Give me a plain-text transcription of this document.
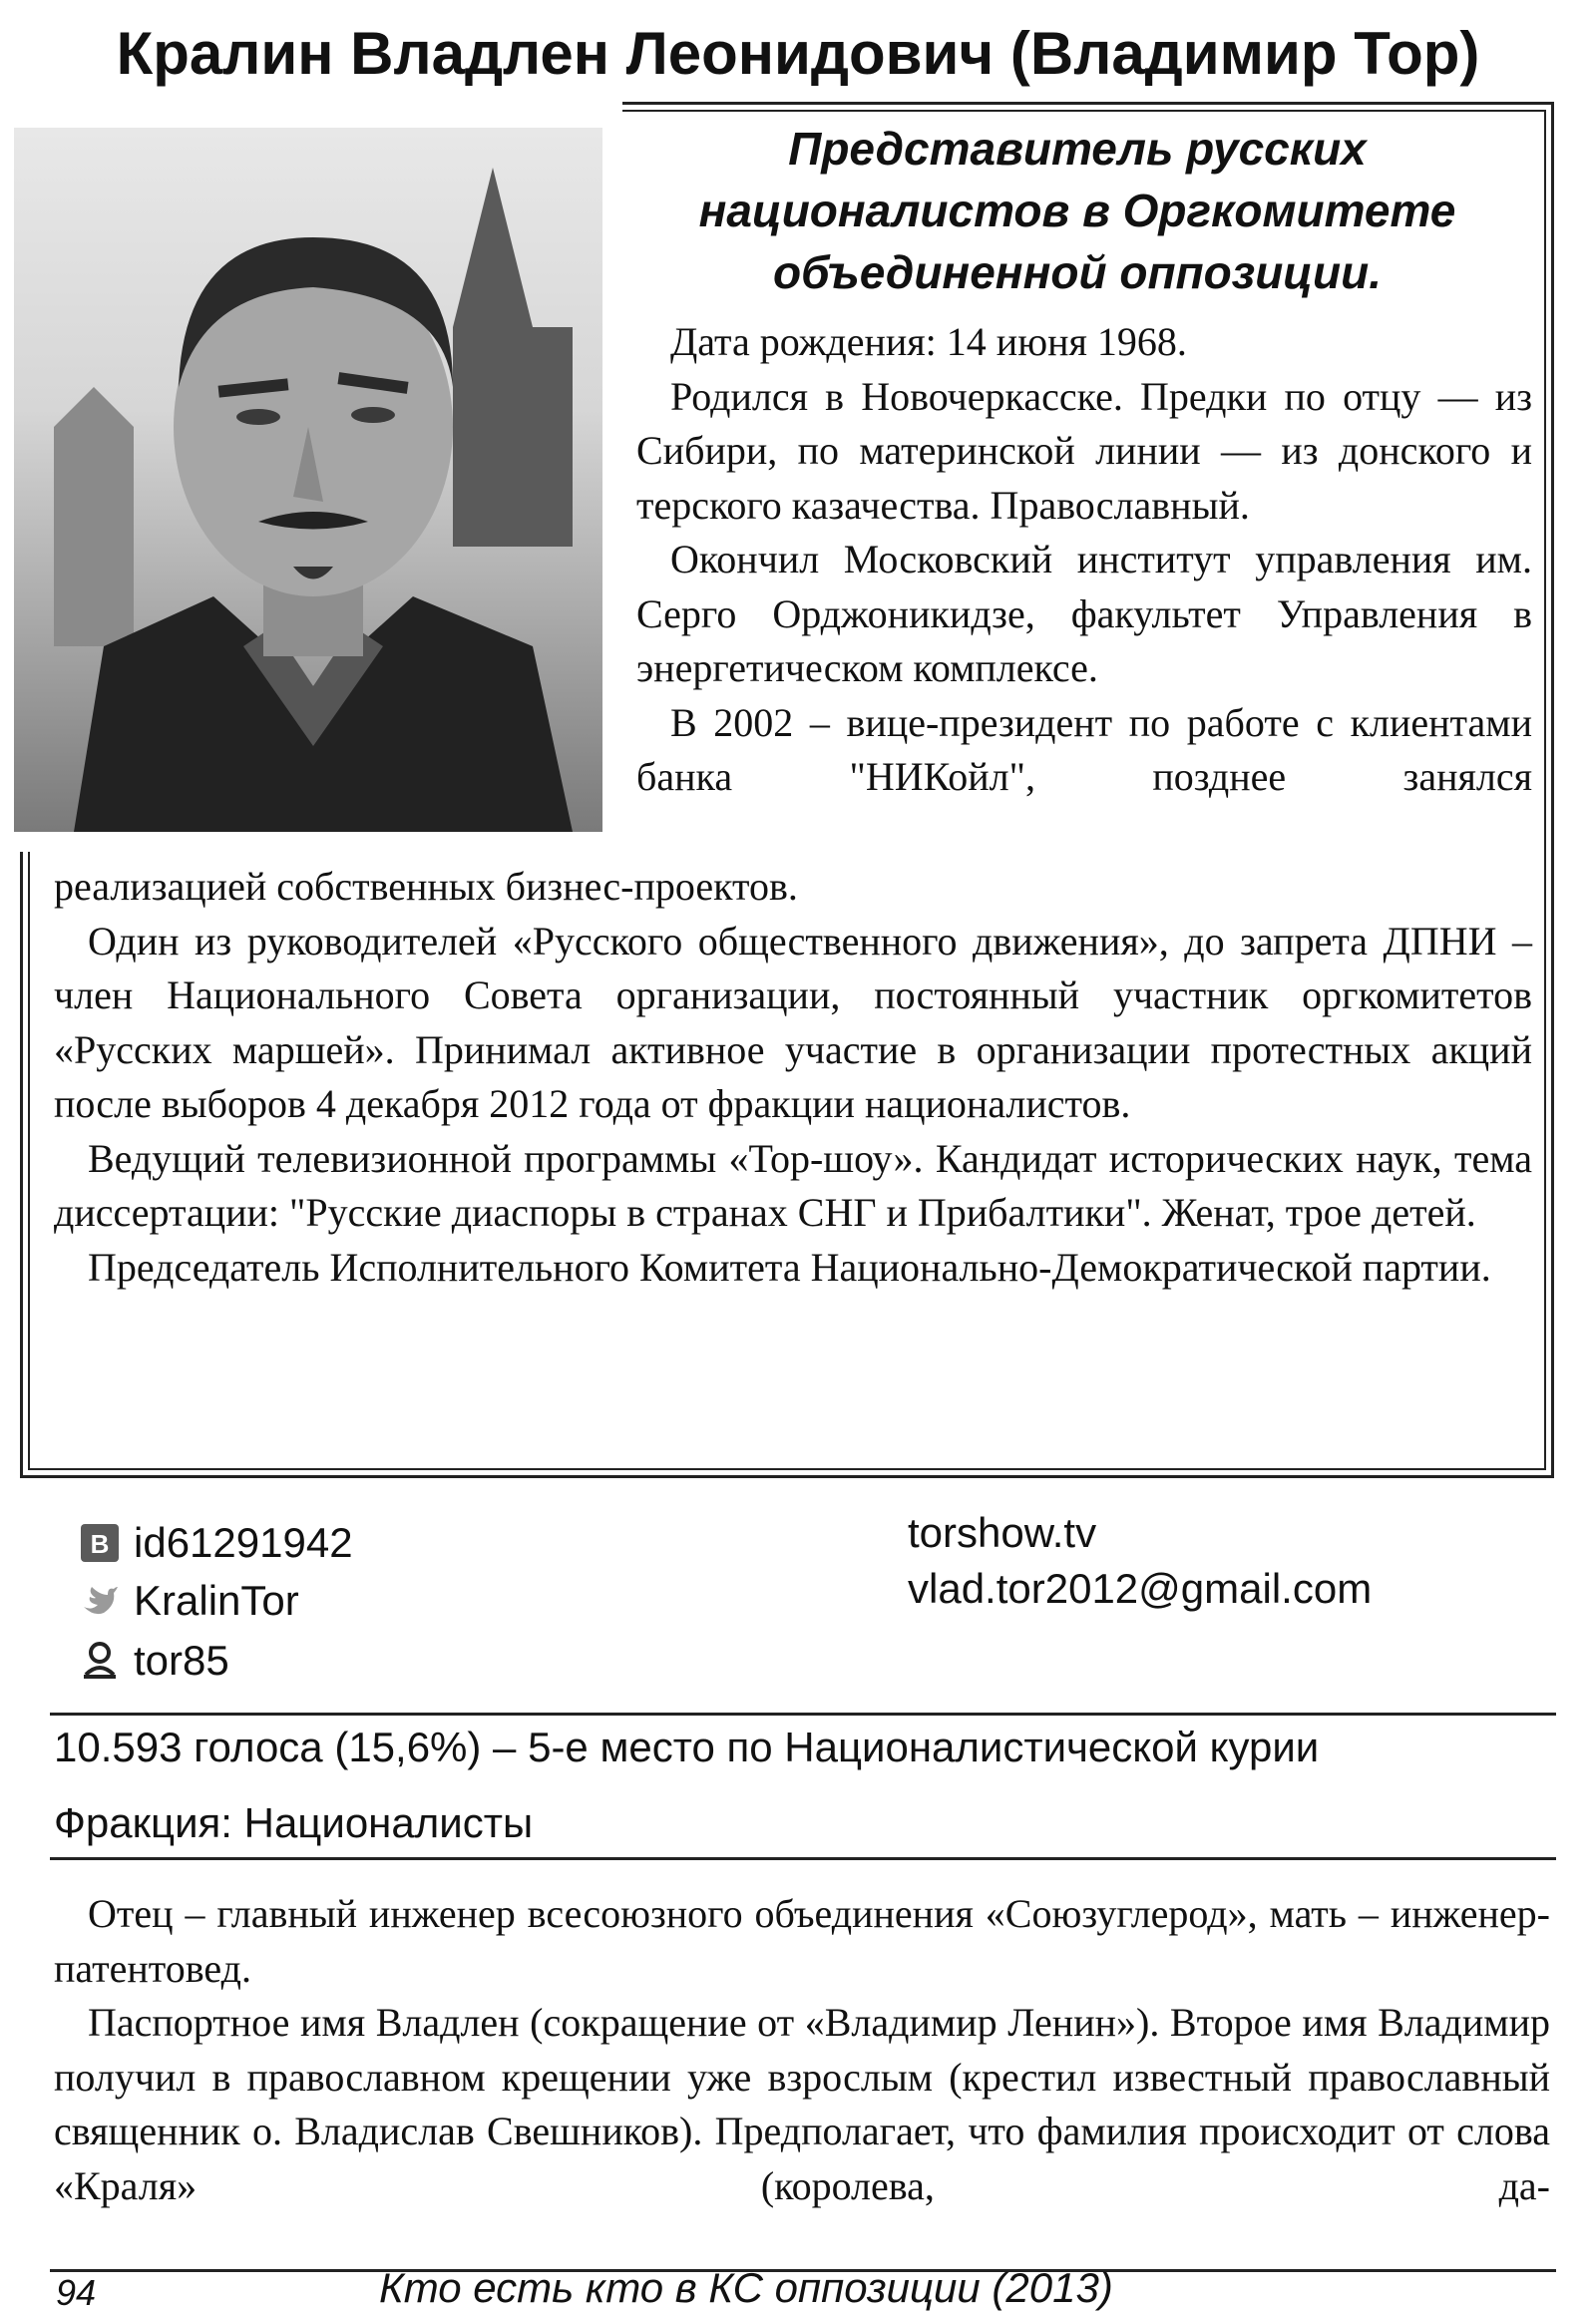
Кралин Владлен Леонидович (Владимир Тор)
Представитель русских националистов в Оргкомитете объединенной оппозиции.

Дата рождения: 14 июня 1968.

Родился в Новочеркасске. Предки по отцу — из Сибири, по материнской линии — из донского и терского казачества. Православный.

Окончил Московский институт управления им. Серго Орджоникидзе, факультет Управления в энергетическом комплексе.

В 2002 – вице-президент по работе с клиентами банка "НИКойл", позднее занялся

реализацией собственных бизнес-проектов.

Один из руководителей «Русского общественного движения», до запрета ДПНИ – член Национального Совета организации, постоянный участник оргкомитетов «Русских маршей». Принимал активное участие в организации протестных акций после выборов 4 декабря 2012 года от фракции националистов.

Ведущий телевизионной программы «Тор-шоу». Кандидат исторических наук, тема диссертации: "Русские диаспоры в странах СНГ и Прибалтики". Женат, трое детей.

Председатель Исполнительного Комитета Национально-Демократической партии.

B id61291942
KralinTor
tor85
torshow.tv
vlad.tor2012@gmail.com
10.593 голоса (15,6%) – 5-е место по Националистической курии
Фракция: Националисты

Отец – главный инженер всесоюзного объединения «Союзуглерод», мать – инженер-патентовед.

Паспортное имя Владлен (сокращение от «Владимир Ленин»). Второе имя Владимир получил в православном крещении уже взрослым (крестил известный православный священник о. Владислав Свешников). Предполагает, что фамилия происходит от слова «Краля» (королева, да-

94	Кто есть кто в КС оппозиции (2013)
